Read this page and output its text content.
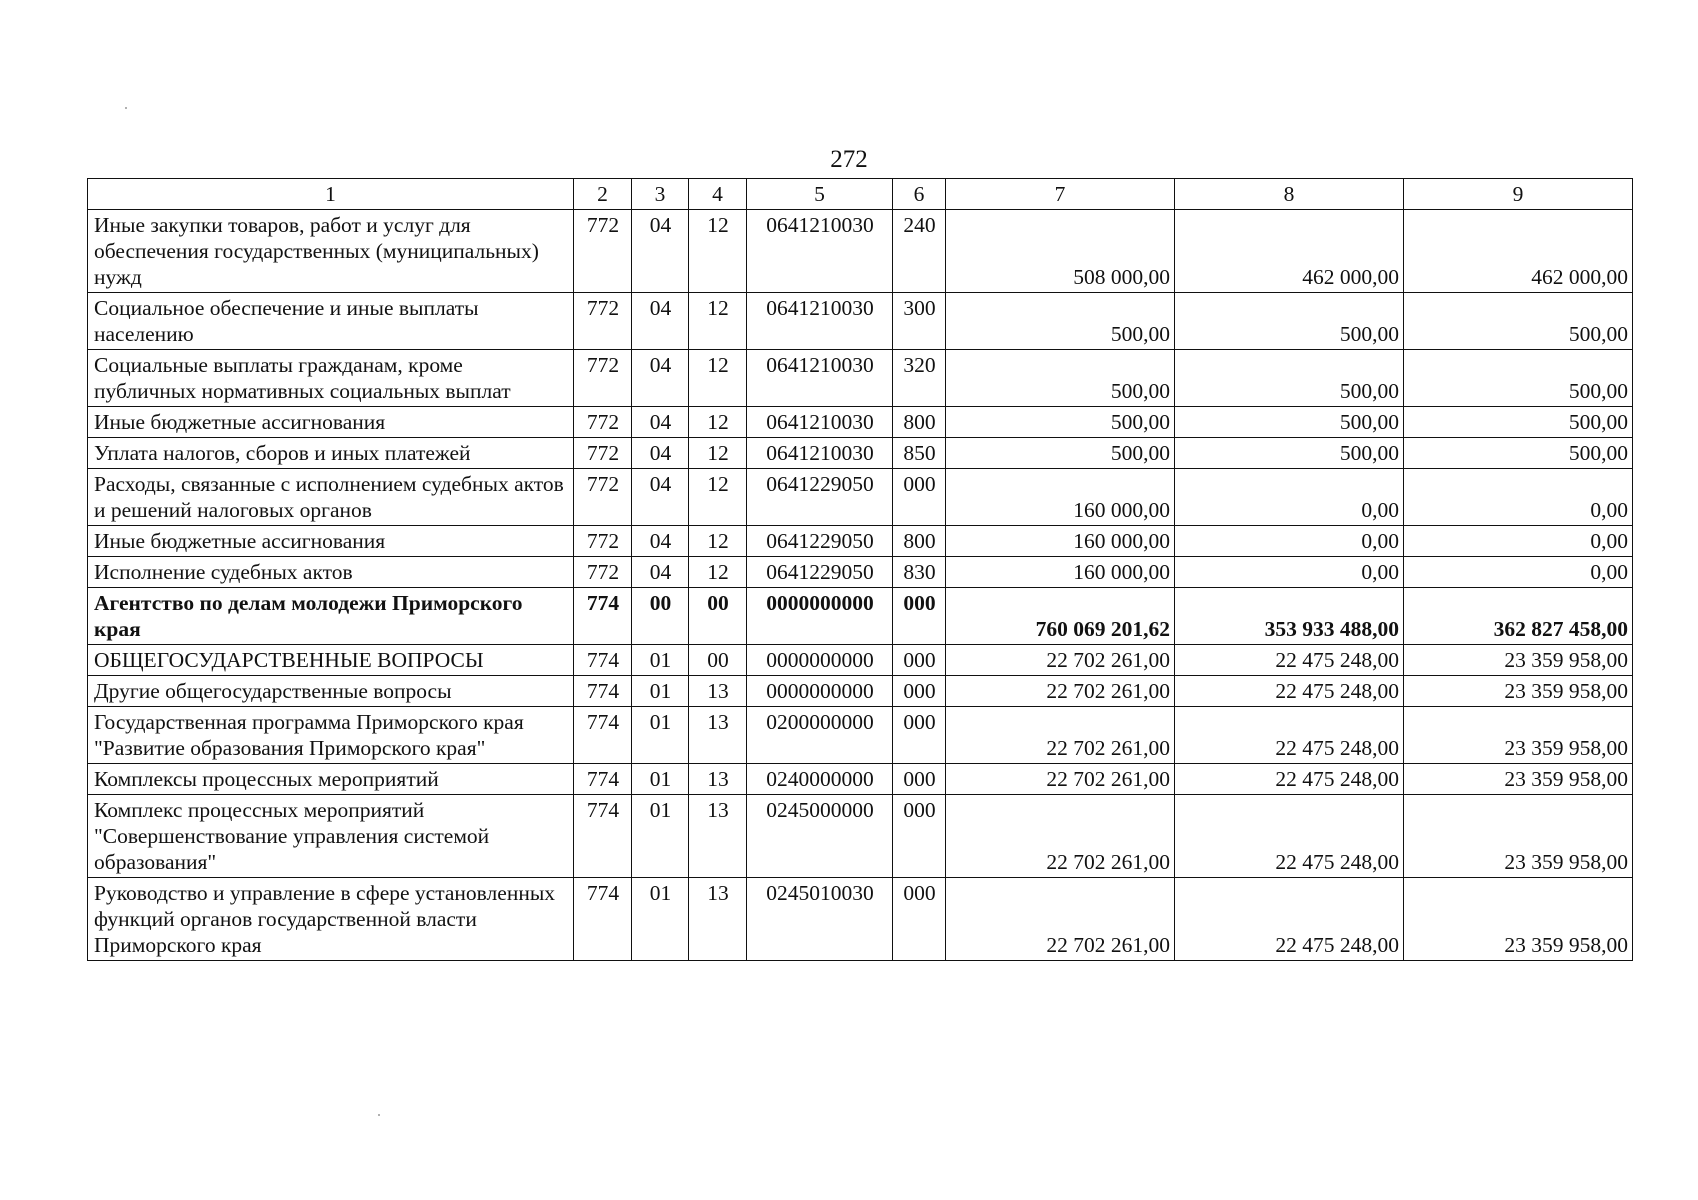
272
1	2	3	4	5	6	7	8	9
Иные закупки товаров, работ и услуг для обеспечения государственных (муниципальных) нужд	772	04	12	0641210030	240	508 000,00	462 000,00	462 000,00
Социальное обеспечение и иные выплаты населению	772	04	12	0641210030	300	500,00	500,00	500,00
Социальные выплаты гражданам, кроме публичных нормативных социальных выплат	772	04	12	0641210030	320	500,00	500,00	500,00
Иные бюджетные ассигнования	772	04	12	0641210030	800	500,00	500,00	500,00
Уплата налогов, сборов и иных платежей	772	04	12	0641210030	850	500,00	500,00	500,00
Расходы, связанные с исполнением судебных актов и решений налоговых органов	772	04	12	0641229050	000	160 000,00	0,00	0,00
Иные бюджетные ассигнования	772	04	12	0641229050	800	160 000,00	0,00	0,00
Исполнение судебных актов	772	04	12	0641229050	830	160 000,00	0,00	0,00
Агентство по делам молодежи Приморского края	774	00	00	0000000000	000	760 069 201,62	353 933 488,00	362 827 458,00
ОБЩЕГОСУДАРСТВЕННЫЕ ВОПРОСЫ	774	01	00	0000000000	000	22 702 261,00	22 475 248,00	23 359 958,00
Другие общегосударственные вопросы	774	01	13	0000000000	000	22 702 261,00	22 475 248,00	23 359 958,00
Государственная программа Приморского края "Развитие образования Приморского края"	774	01	13	0200000000	000	22 702 261,00	22 475 248,00	23 359 958,00
Комплексы процессных мероприятий	774	01	13	0240000000	000	22 702 261,00	22 475 248,00	23 359 958,00
Комплекс процессных мероприятий "Совершенствование управления системой образования"	774	01	13	0245000000	000	22 702 261,00	22 475 248,00	23 359 958,00
Руководство и управление в сфере установленных функций органов государственной власти Приморского края	774	01	13	0245010030	000	22 702 261,00	22 475 248,00	23 359 958,00
